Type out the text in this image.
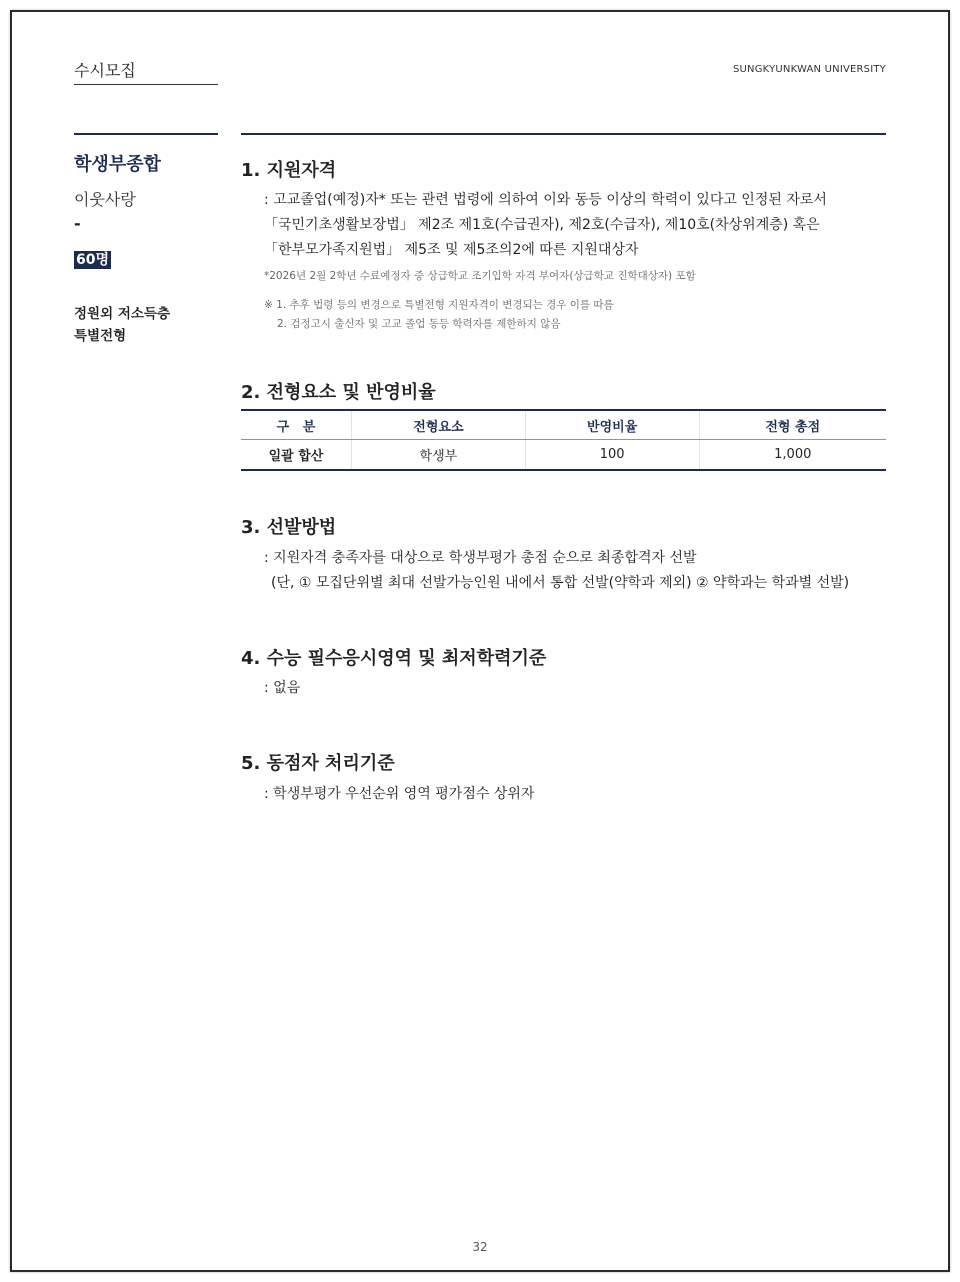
수시모집	SUNGKYUNKWAN UNIVERSITY
학생부종합
이웃사랑
-
60명
정원외 저소득층
특별전형
1. 지원자격
: 고교졸업(예정)자* 또는 관련 법령에 의하여 이와 동등 이상의 학력이 있다고 인정된 자로서
「국민기초생활보장법」 제2조 제1호(수급권자), 제2호(수급자), 제10호(차상위계층) 혹은
「한부모가족지원법」 제5조 및 제5조의2에 따른 지원대상자
*2026년 2월 2학년 수료예정자 중 상급학교 조기입학 자격 부여자(상급학교 진학대상자) 포함
※ 1. 추후 법령 등의 변경으로 특별전형 지원자격이 변경되는 경우 이를 따름
2. 검정고시 출신자 및 고교 졸업 동등 학력자를 제한하지 않음
2. 전형요소 및 반영비율
구   분	전형요소	반영비율	전형 총점
일괄 합산	학생부	100	1,000
3. 선발방법
: 지원자격 충족자를 대상으로 학생부평가 총점 순으로 최종합격자 선발
(단, ① 모집단위별 최대 선발가능인원 내에서 통합 선발(약학과 제외) ② 약학과는 학과별 선발)
4. 수능 필수응시영역 및 최저학력기준
: 없음
5. 동점자 처리기준
: 학생부평가 우선순위 영역 평가점수 상위자
32
